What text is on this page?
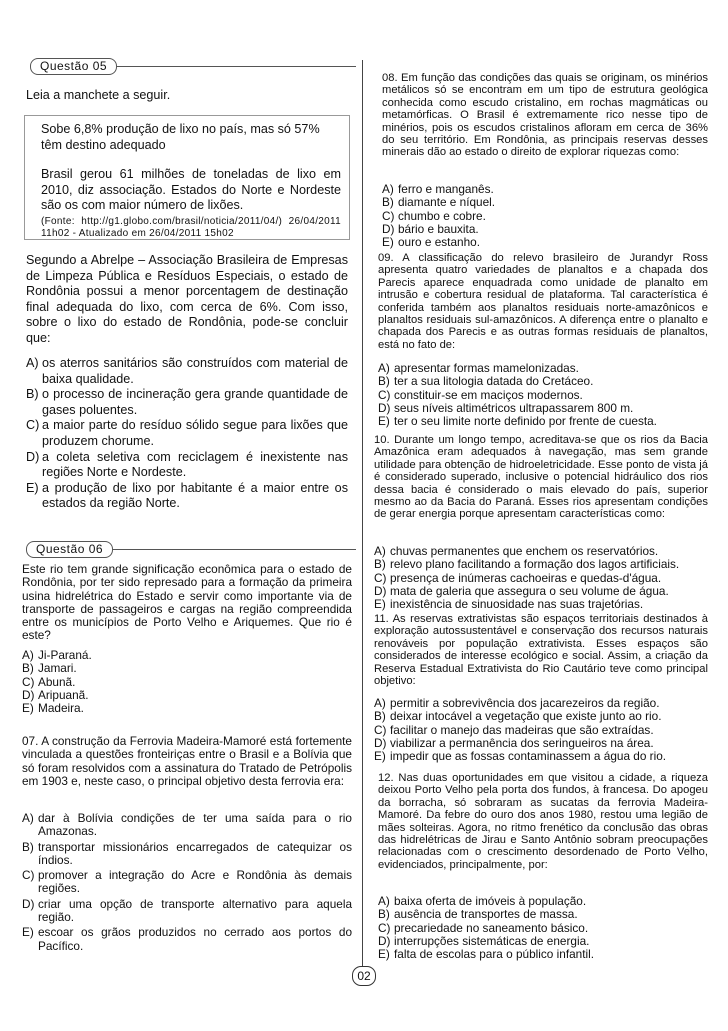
Questão 05

Leia a manchete a seguir.

Sobe 6,8% produção de lixo no país, mas só 57% têm destino adequado

Brasil gerou 61 milhões de toneladas de lixo em 2010, diz associação. Estados do Norte e Nordeste são os com maior número de lixões.

(Fonte: http://g1.globo.com/brasil/noticia/2011/04/) 26/04/2011 11h02 - Atualizado em 26/04/2011 15h02

Segundo a Abrelpe – Associação Brasileira de Empresas de Limpeza Pública e Resíduos Especiais, o estado de Rondônia possui a menor porcentagem de destinação final adequada do lixo, com cerca de 6%. Com isso, sobre o lixo do estado de Rondônia, pode-se concluir que:

A) os aterros sanitários são construídos com material de baixa qualidade.
B) o processo de incineração gera grande quantidade de gases poluentes.
C) a maior parte do resíduo sólido segue para lixões que produzem chorume.
D) a coleta seletiva com reciclagem é inexistente nas regiões Norte e Nordeste.
E) a produção de lixo por habitante é a maior entre os estados da região Norte.
Questão 06

Este rio tem grande significação econômica para o estado de Rondônia, por ter sido represado para a formação da primeira usina hidrelétrica do Estado e servir como importante via de transporte de passageiros e cargas na região compreendida entre os municípios de Porto Velho e Ariquemes. Que rio é este?

A) Ji-Paraná.
B) Jamari.
C) Abunã.
D) Aripuanã.
E) Madeira.

07. A construção da Ferrovia Madeira-Mamoré está fortemente vinculada a questões fronteiriças entre o Brasil e a Bolívia que só foram resolvidos com a assinatura do Tratado de Petrópolis em 1903 e, neste caso, o principal objetivo desta ferrovia era:

A) dar à Bolívia condições de ter uma saída para o rio Amazonas.
B) transportar missionários encarregados de catequizar os índios.
C) promover a integração do Acre e Rondônia às demais regiões.
D) criar uma opção de transporte alternativo para aquela região.
E) escoar os grãos produzidos no cerrado aos portos do Pacífico.

08. Em função das condições das quais se originam, os minérios metálicos só se encontram em um tipo de estrutura geológica conhecida como escudo cristalino, em rochas magmáticas ou metamórficas. O Brasil é extremamente rico nesse tipo de minérios, pois os escudos cristalinos afloram em cerca de 36% do seu território. Em Rondônia, as principais reservas desses minerais dão ao estado o direito de explorar riquezas como:

A) ferro e manganês.
B) diamante e níquel.
C) chumbo e cobre.
D) bário e bauxita.
E) ouro e estanho.

09. A classificação do relevo brasileiro de Jurandyr Ross apresenta quatro variedades de planaltos e a chapada dos Parecis aparece enquadrada como unidade de planalto em intrusão e cobertura residual de plataforma. Tal característica é conferida também aos planaltos residuais norte-amazônicos e planaltos residuais sul-amazônicos. A diferença entre o planalto e chapada dos Parecis e as outras formas residuais de planaltos, está no fato de:

A) apresentar formas mamelonizadas.
B) ter a sua litologia datada do Cretáceo.
C) constituir-se em maciços modernos.
D) seus níveis altimétricos ultrapassarem 800 m.
E) ter o seu limite norte definido por frente de cuesta.

10. Durante um longo tempo, acreditava-se que os rios da Bacia Amazônica eram adequados à navegação, mas sem grande utilidade para obtenção de hidroeletricidade. Esse ponto de vista já é considerado superado, inclusive o potencial hidráulico dos rios dessa bacia é considerado o mais elevado do país, superior mesmo ao da Bacia do Paraná. Esses rios apresentam condições de gerar energia porque apresentam características como:

A) chuvas permanentes que enchem os reservatórios.
B) relevo plano facilitando a formação dos lagos artificiais.
C) presença de inúmeras cachoeiras e quedas-d'água.
D) mata de galeria que assegura o seu volume de água.
E) inexistência de sinuosidade nas suas trajetórias.

11. As reservas extrativistas são espaços territoriais destinados à exploração autossustentável e conservação dos recursos naturais renováveis por população extrativista. Esses espaços são considerados de interesse ecológico e social. Assim, a criação da Reserva Estadual Extrativista do Rio Cautário teve como principal objetivo:

A) permitir a sobrevivência dos jacarezeiros da região.
B) deixar intocável a vegetação que existe junto ao rio.
C) facilitar o manejo das madeiras que são extraídas.
D) viabilizar a permanência dos seringueiros na área.
E) impedir que as fossas contaminassem a água do rio.

12. Nas duas oportunidades em que visitou a cidade, a riqueza deixou Porto Velho pela porta dos fundos, à francesa. Do apogeu da borracha, só sobraram as sucatas da ferrovia Madeira-Mamoré. Da febre do ouro dos anos 1980, restou uma legião de mães solteiras. Agora, no ritmo frenético da conclusão das obras das hidrelétricas de Jirau e Santo Antônio sobram preocupações relacionadas com o crescimento desordenado de Porto Velho, evidenciados, principalmente, por:

A) baixa oferta de imóveis à população.
B) ausência de transportes de massa.
C) precariedade no saneamento básico.
D) interrupções sistemáticas de energia.
E) falta de escolas para o público infantil.
02
